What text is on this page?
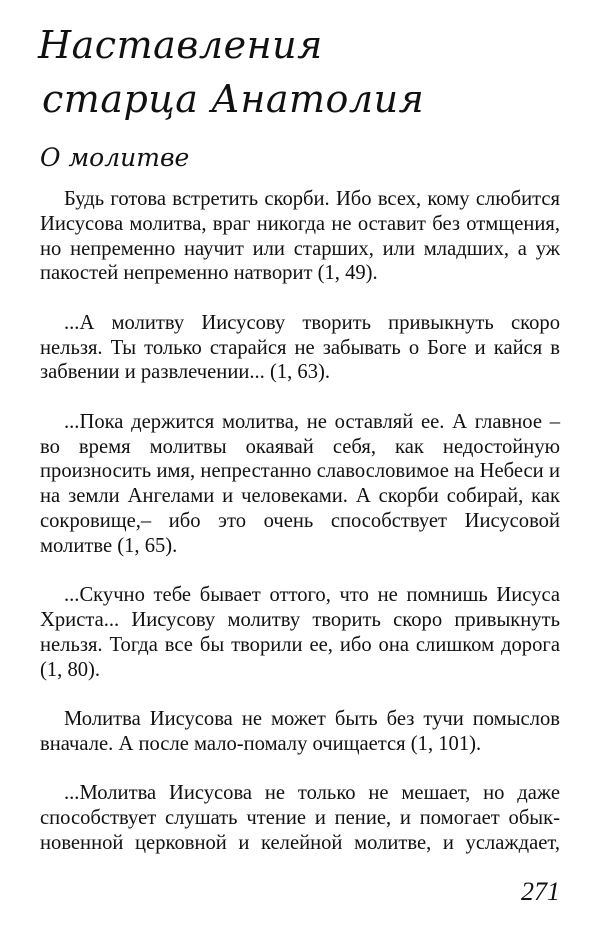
Наставления
старца Анатолия
О молитве

Будь готова встретить скорби. Ибо всех, кому слюбится Иисусова молитва, враг никогда не оставит без отмщения, но непременно научит или старших, или младших, а уж пакостей непременно натворит (1, 49).

...А молитву Иисусову творить привыкнуть скоро нельзя. Ты только старайся не забывать о Боге и кайся в забвении и развлечении... (1, 63).

...Пока держится молитва, не оставляй ее. А главное – во время молитвы окаявай себя, как недостойную произносить имя, непрестанно славословимое на Небеси и на земли Ангелами и человеками. А скорби собирай, как сокровище,– ибо это очень способствует Иисусовой молитве (1, 65).

...Скучно тебе бывает оттого, что не помнишь Иисуса Христа... Иисусову молитву творить скоро привыкнуть нельзя. Тогда все бы творили ее, ибо она слишком дорога (1, 80).

Молитва Иисусова не может быть без тучи помыслов вначале. А после мало-помалу очищается (1, 101).

...Молитва Иисусова не только не мешает, но даже способствует слушать чтение и пение, и помогает обыкновенной церковной и келейной молитве, и услаждает,

271
